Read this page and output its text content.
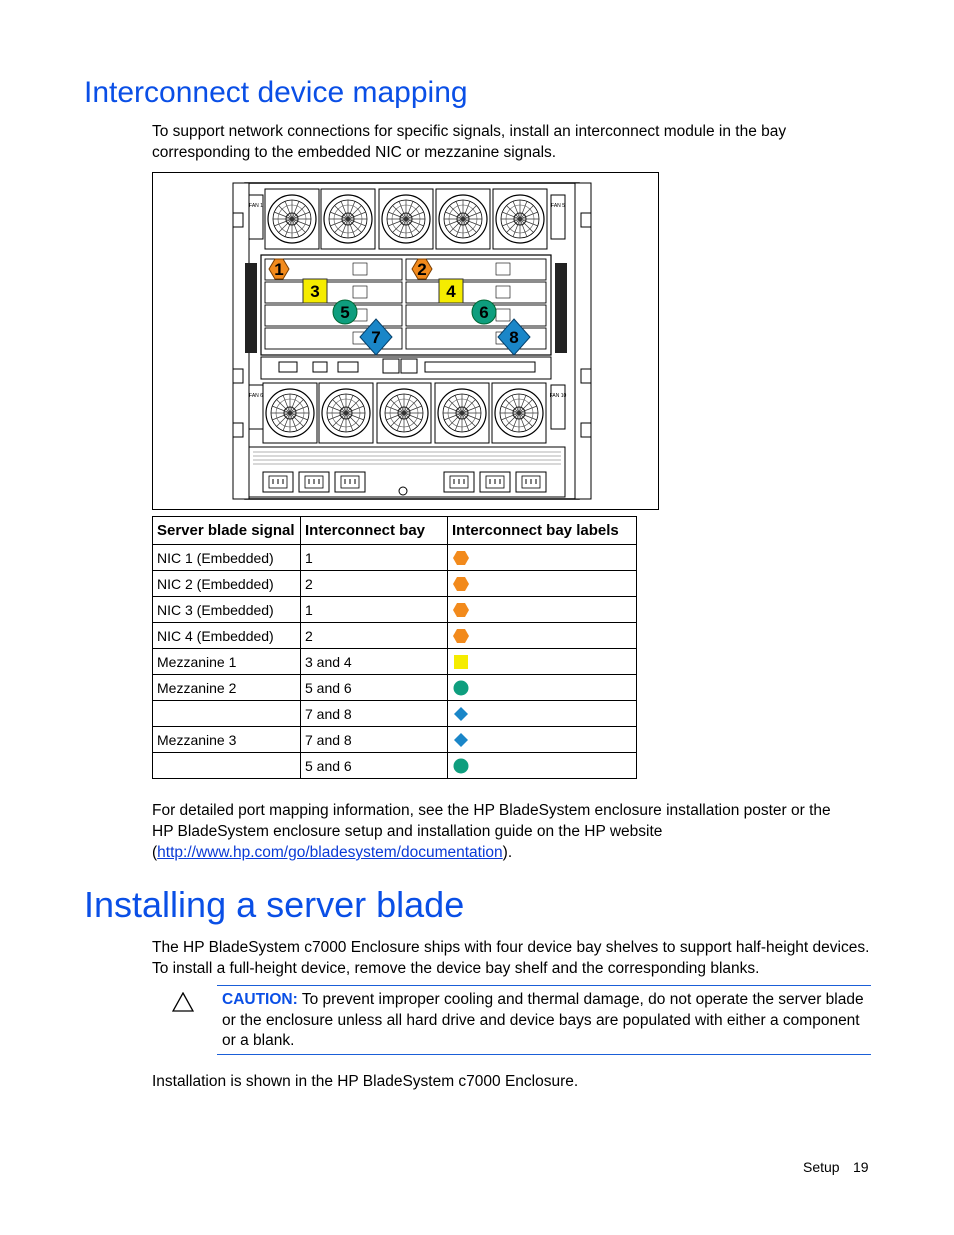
Interconnect device mapping
To support network connections for specific signals, install an interconnect module in the bay
corresponding to the embedded NIC or mezzanine signals.
FAN 1	FAN 5
FAN 6	FAN 10
1	2
3	4
5	6
7	8
Server blade signal	Interconnect bay	Interconnect bay labels
NIC 1 (Embedded)	1	
NIC 2 (Embedded)	2	
NIC 3 (Embedded)	1	
NIC 4 (Embedded)	2	
Mezzanine 1	3 and 4	
Mezzanine 2	5 and 6	
	7 and 8	
Mezzanine 3	7 and 8	
	5 and 6	
For detailed port mapping information, see the HP BladeSystem enclosure installation poster or the
HP BladeSystem enclosure setup and installation guide on the HP website
(http://www.hp.com/go/bladesystem/documentation).
Installing a server blade
The HP BladeSystem c7000 Enclosure ships with four device bay shelves to support half-height devices.
To install a full-height device, remove the device bay shelf and the corresponding blanks.
CAUTION: To prevent improper cooling and thermal damage, do not operate the server blade
or the enclosure unless all hard drive and device bays are populated with either a component
or a blank.
Installation is shown in the HP BladeSystem c7000 Enclosure.
Setup 19
